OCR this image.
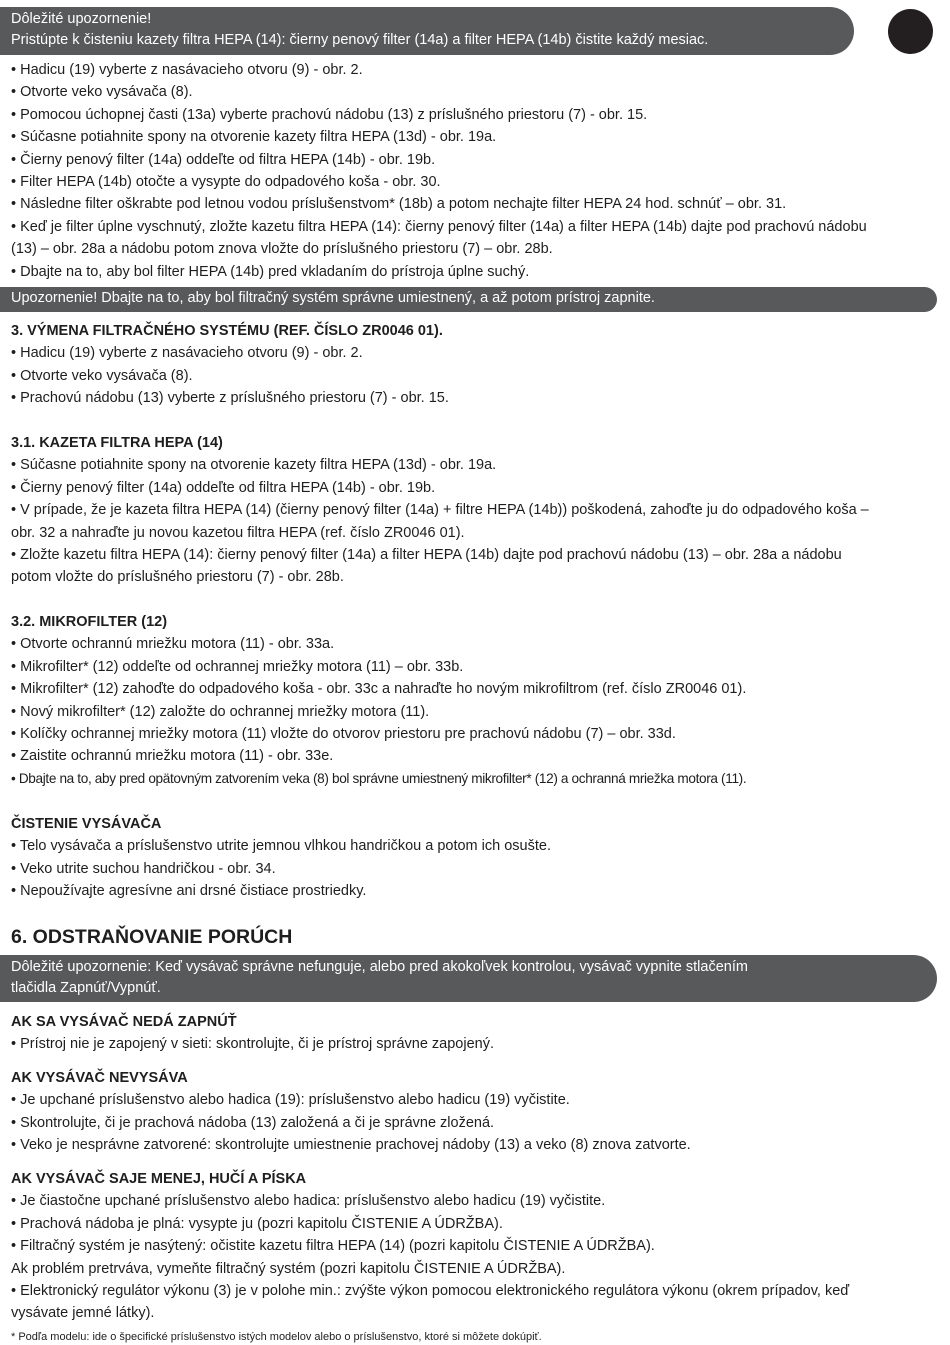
Dôležité upozornenie!
Pristúpte k čisteniu kazety filtra HEPA (14): čierny penový filter (14a) a filter HEPA (14b) čistite každý mesiac.

• Hadicu (19) vyberte z nasávacieho otvoru (9) - obr. 2.

• Otvorte veko vysávača (8).

• Pomocou úchopnej časti (13a) vyberte prachovú nádobu (13) z príslušného priestoru (7) - obr. 15.

• Súčasne potiahnite spony na otvorenie kazety filtra HEPA (13d) - obr. 19a.

• Čierny penový filter (14a) oddeľte od filtra HEPA (14b) - obr. 19b.

• Filter HEPA (14b) otočte a vysypte do odpadového koša - obr. 30.

• Následne filter oškrabte pod letnou vodou príslušenstvom* (18b) a potom nechajte filter HEPA 24 hod. schnúť – obr. 31.

• Keď je filter úplne vyschnutý, zložte kazetu filtra HEPA (14): čierny penový filter (14a) a filter HEPA (14b) dajte pod prachovú nádobu

(13) – obr. 28a a nádobu potom znova vložte do príslušného priestoru (7) – obr. 28b.

• Dbajte na to, aby bol filter HEPA (14b) pred vkladaním do prístroja úplne suchý.

Upozornenie! Dbajte na to, aby bol filtračný systém správne umiestnený, a až potom prístroj zapnite.

3. VÝMENA FILTRAČNÉHO SYSTÉMU (REF. ČÍSLO ZR0046 01).

• Hadicu (19) vyberte z nasávacieho otvoru (9) - obr. 2.

• Otvorte veko vysávača (8).

• Prachovú nádobu (13) vyberte z príslušného priestoru (7) - obr. 15.

3.1. KAZETA FILTRA HEPA (14)

• Súčasne potiahnite spony na otvorenie kazety filtra HEPA (13d) - obr. 19a.

• Čierny penový filter (14a) oddeľte od filtra HEPA (14b) - obr. 19b.

• V prípade, že je kazeta filtra HEPA (14) (čierny penový filter (14a) + filtre HEPA (14b)) poškodená, zahoďte ju do odpadového koša –

obr. 32 a nahraďte ju novou kazetou filtra HEPA (ref. číslo ZR0046 01).

• Zložte kazetu filtra HEPA (14): čierny penový filter (14a) a filter HEPA (14b) dajte pod prachovú nádobu (13) – obr. 28a a nádobu

potom vložte do príslušného priestoru (7) - obr. 28b.

3.2. MIKROFILTER (12)

• Otvorte ochrannú mriežku motora (11) - obr. 33a.

• Mikrofilter* (12) oddeľte od ochrannej mriežky motora (11) – obr. 33b.

• Mikrofilter* (12) zahoďte do odpadového koša - obr. 33c a nahraďte ho novým mikrofiltrom (ref. číslo ZR0046 01).

• Nový mikrofilter* (12) založte do ochrannej mriežky motora (11).

• Kolíčky ochrannej mriežky motora (11) vložte do otvorov priestoru pre prachovú nádobu (7) – obr. 33d.

• Zaistite ochrannú mriežku motora (11) - obr. 33e.

• Dbajte na to, aby pred opätovným zatvorením veka (8) bol správne umiestnený mikrofilter* (12) a ochranná mriežka motora (11).

ČISTENIE VYSÁVAČA

• Telo vysávača a príslušenstvo utrite jemnou vlhkou handričkou a potom ich osušte.

• Veko utrite suchou handričkou - obr. 34.

• Nepoužívajte agresívne ani drsné čistiace prostriedky.

6. ODSTRAŇOVANIE PORÚCH

Dôležité upozornenie: Keď vysávač správne nefunguje, alebo pred akokoľvek kontrolou, vysávač vypnite stlačením
tlačidla Zapnúť/Vypnúť.

AK SA VYSÁVAČ NEDÁ ZAPNÚŤ

• Prístroj nie je zapojený v sieti: skontrolujte, či je prístroj správne zapojený.

AK VYSÁVAČ NEVYSÁVA

• Je upchané príslušenstvo alebo hadica (19): príslušenstvo alebo hadicu (19) vyčistite.

• Skontrolujte, či je prachová nádoba (13) založená a či je správne zložená.

• Veko je nesprávne zatvorené: skontrolujte umiestnenie prachovej nádoby (13) a veko (8) znova zatvorte.

AK VYSÁVAČ SAJE MENEJ, HUČÍ A PÍSKA

• Je čiastočne upchané príslušenstvo alebo hadica: príslušenstvo alebo hadicu (19) vyčistite.

• Prachová nádoba je plná: vysypte ju (pozri kapitolu ČISTENIE A ÚDRŽBA).

• Filtračný systém je nasýtený: očistite kazetu filtra HEPA (14) (pozri kapitolu ČISTENIE A ÚDRŽBA).

Ak problém pretrváva, vymeňte filtračný systém (pozri kapitolu ČISTENIE A ÚDRŽBA).

• Elektronický regulátor výkonu (3) je v polohe min.: zvýšte výkon pomocou elektronického regulátora výkonu (okrem prípadov, keď

vysávate jemné látky).

* Podľa modelu: ide o špecifické príslušenstvo istých modelov alebo o príslušenstvo, ktoré si môžete dokúpiť.
